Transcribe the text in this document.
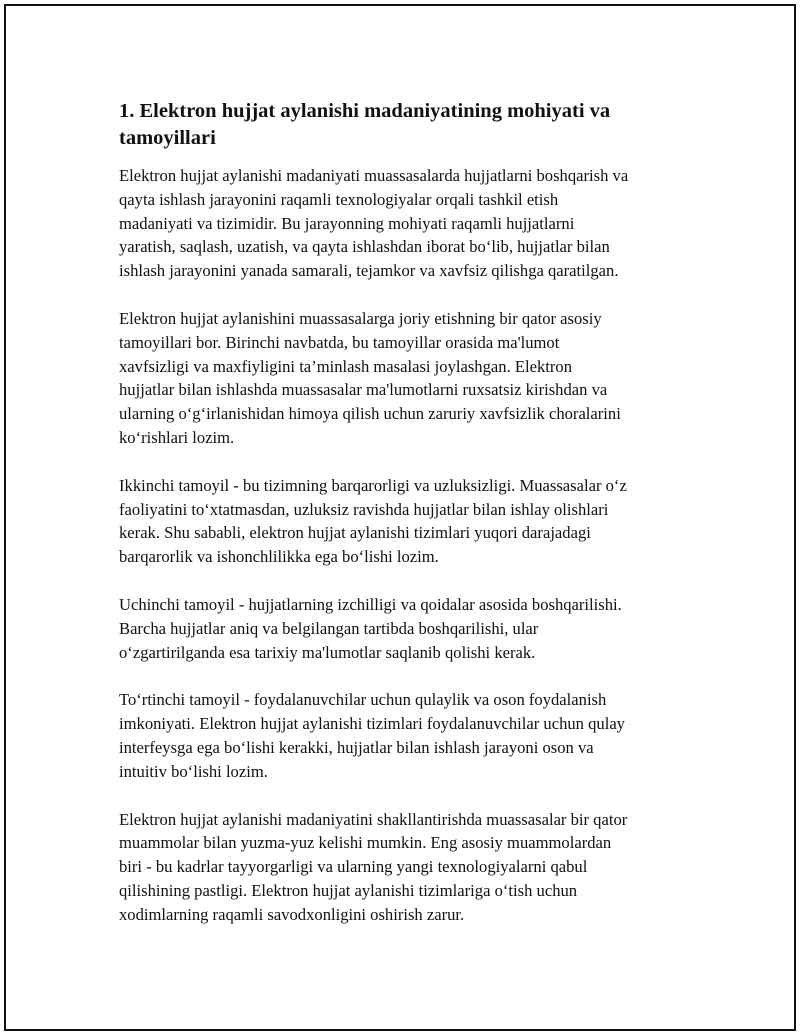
1. Elektron hujjat aylanishi madaniyatining mohiyati va
tamoyillari

Elektron hujjat aylanishi madaniyati muassasalarda hujjatlarni boshqarish va
qayta ishlash jarayonini raqamli texnologiyalar orqali tashkil etish
madaniyati va tizimidir. Bu jarayonning mohiyati raqamli hujjatlarni
yaratish, saqlash, uzatish, va qayta ishlashdan iborat bo‘lib, hujjatlar bilan
ishlash jarayonini yanada samarali, tejamkor va xavfsiz qilishga qaratilgan.

Elektron hujjat aylanishini muassasalarga joriy etishning bir qator asosiy
tamoyillari bor. Birinchi navbatda, bu tamoyillar orasida ma'lumot
xavfsizligi va maxfiyligini ta’minlash masalasi joylashgan. Elektron
hujjatlar bilan ishlashda muassasalar ma'lumotlarni ruxsatsiz kirishdan va
ularning o‘g‘irlanishidan himoya qilish uchun zaruriy xavfsizlik choralarini
ko‘rishlari lozim.

Ikkinchi tamoyil - bu tizimning barqarorligi va uzluksizligi. Muassasalar o‘z
faoliyatini to‘xtatmasdan, uzluksiz ravishda hujjatlar bilan ishlay olishlari
kerak. Shu sababli, elektron hujjat aylanishi tizimlari yuqori darajadagi
barqarorlik va ishonchlilikka ega bo‘lishi lozim.

Uchinchi tamoyil - hujjatlarning izchilligi va qoidalar asosida boshqarilishi.
Barcha hujjatlar aniq va belgilangan tartibda boshqarilishi, ular
o‘zgartirilganda esa tarixiy ma'lumotlar saqlanib qolishi kerak.

To‘rtinchi tamoyil - foydalanuvchilar uchun qulaylik va oson foydalanish
imkoniyati. Elektron hujjat aylanishi tizimlari foydalanuvchilar uchun qulay
interfeysga ega bo‘lishi kerakki, hujjatlar bilan ishlash jarayoni oson va
intuitiv bo‘lishi lozim.

Elektron hujjat aylanishi madaniyatini shakllantirishda muassasalar bir qator
muammolar bilan yuzma-yuz kelishi mumkin. Eng asosiy muammolardan
biri - bu kadrlar tayyorgarligi va ularning yangi texnologiyalarni qabul
qilishining pastligi. Elektron hujjat aylanishi tizimlariga o‘tish uchun
xodimlarning raqamli savodxonligini oshirish zarur.
